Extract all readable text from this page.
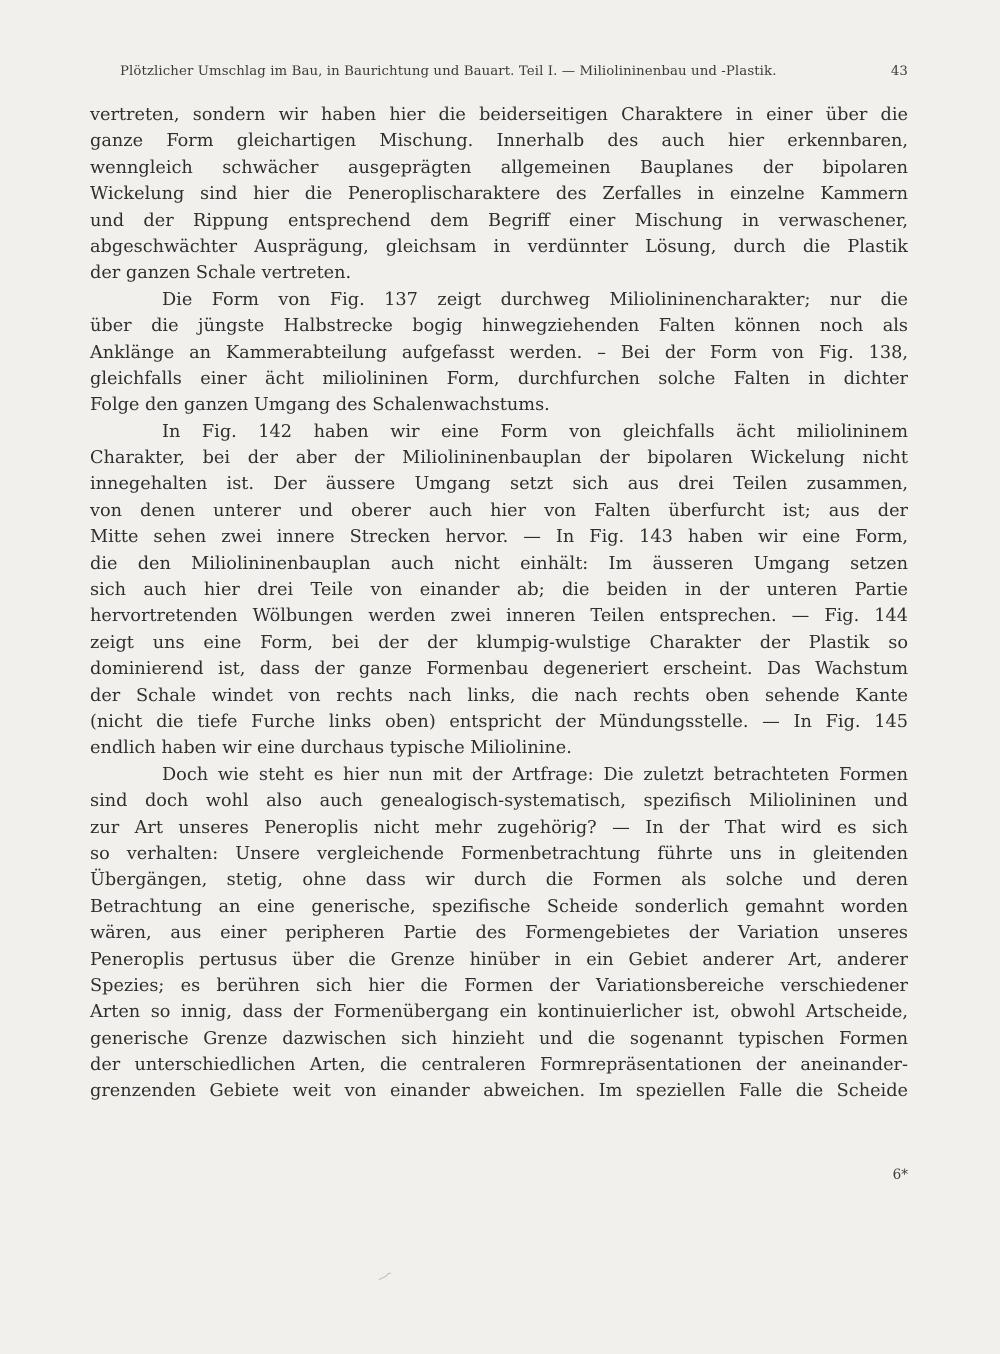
Plötzlicher Umschlag im Bau, in Baurichtung und Bauart. Teil I. — Miliolininenbau und -Plastik.	43
vertreten, sondern wir haben hier die beiderseitigen Charaktere in einer über die
ganze Form gleichartigen Mischung. Innerhalb des auch hier erkennbaren,
wenngleich schwächer ausgeprägten allgemeinen Bauplanes der bipolaren
Wickelung sind hier die Peneroplischaraktere des Zerfalles in einzelne Kammern
und der Rippung entsprechend dem Begriff einer Mischung in verwaschener,
abgeschwächter Ausprägung, gleichsam in verdünnter Lösung, durch die Plastik
der ganzen Schale vertreten.
Die Form von Fig. 137 zeigt durchweg Miliolininencharakter; nur die
über die jüngste Halbstrecke bogig hinwegziehenden Falten können noch als
Anklänge an Kammerabteilung aufgefasst werden. – Bei der Form von Fig. 138,
gleichfalls einer ächt miliolininen Form, durchfurchen solche Falten in dichter
Folge den ganzen Umgang des Schalenwachstums.
In Fig. 142 haben wir eine Form von gleichfalls ächt miliolininem
Charakter, bei der aber der Miliolininenbauplan der bipolaren Wickelung nicht
innegehalten ist. Der äussere Umgang setzt sich aus drei Teilen zusammen,
von denen unterer und oberer auch hier von Falten überfurcht ist; aus der
Mitte sehen zwei innere Strecken hervor. — In Fig. 143 haben wir eine Form,
die den Miliolininenbauplan auch nicht einhält: Im äusseren Umgang setzen
sich auch hier drei Teile von einander ab; die beiden in der unteren Partie
hervortretenden Wölbungen werden zwei inneren Teilen entsprechen. — Fig. 144
zeigt uns eine Form, bei der der klumpig-wulstige Charakter der Plastik so
dominierend ist, dass der ganze Formenbau degeneriert erscheint. Das Wachstum
der Schale windet von rechts nach links, die nach rechts oben sehende Kante
(nicht die tiefe Furche links oben) entspricht der Mündungsstelle. — In Fig. 145
endlich haben wir eine durchaus typische Miliolinine.
Doch wie steht es hier nun mit der Artfrage: Die zuletzt betrachteten Formen
sind doch wohl also auch genealogisch-systematisch, spezifisch Miliolininen und
zur Art unseres Peneroplis nicht mehr zugehörig? — In der That wird es sich
so verhalten: Unsere vergleichende Formenbetrachtung führte uns in gleitenden
Übergängen, stetig, ohne dass wir durch die Formen als solche und deren
Betrachtung an eine generische, spezifische Scheide sonderlich gemahnt worden
wären, aus einer peripheren Partie des Formengebietes der Variation unseres
Peneroplis pertusus über die Grenze hinüber in ein Gebiet anderer Art, anderer
Spezies; es berühren sich hier die Formen der Variationsbereiche verschiedener
Arten so innig, dass der Formenübergang ein kontinuierlicher ist, obwohl Artscheide,
generische Grenze dazwischen sich hinzieht und die sogenannt typischen Formen
der unterschiedlichen Arten, die centraleren Formrepräsentationen der aneinander-
grenzenden Gebiete weit von einander abweichen. Im speziellen Falle die Scheide
6*
